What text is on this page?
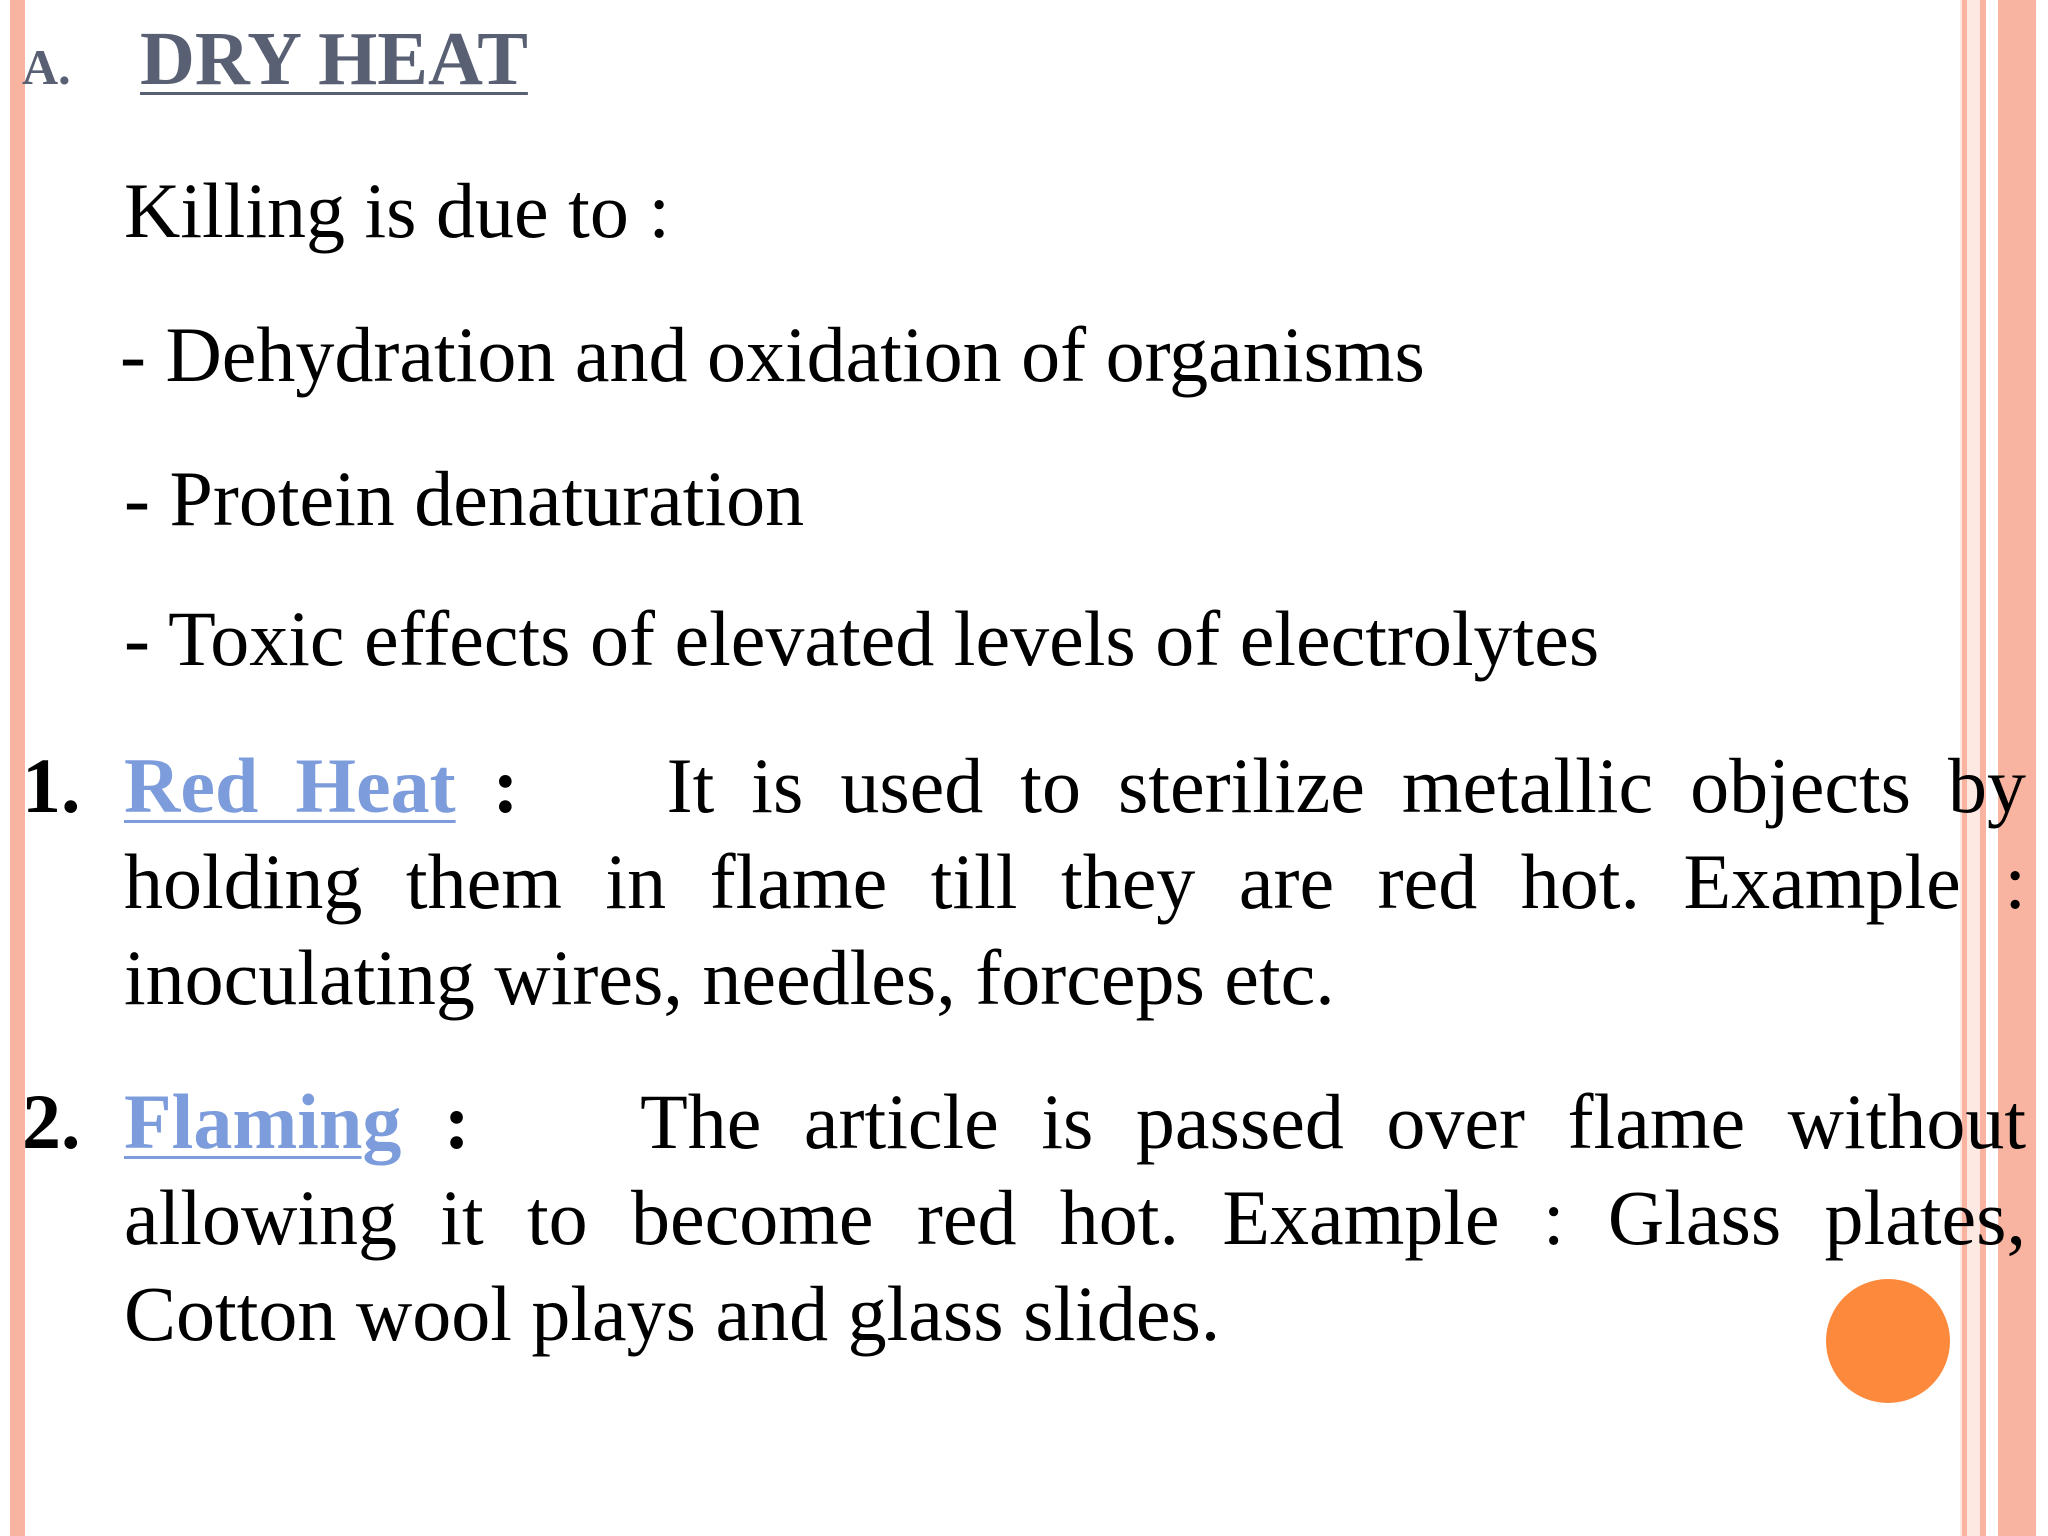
A. DRY HEAT
Killing is due to :
- Dehydration and oxidation of organisms
- Protein denaturation
- Toxic effects of elevated levels of electrolytes
1. Red Heat : It is used to sterilize metallic objects by holding them in flame till they are red hot. Example : inoculating wires, needles, forceps etc.
2. Flaming : The article is passed over flame without allowing it to become red hot. Example : Glass plates, Cotton wool plays and glass slides.
